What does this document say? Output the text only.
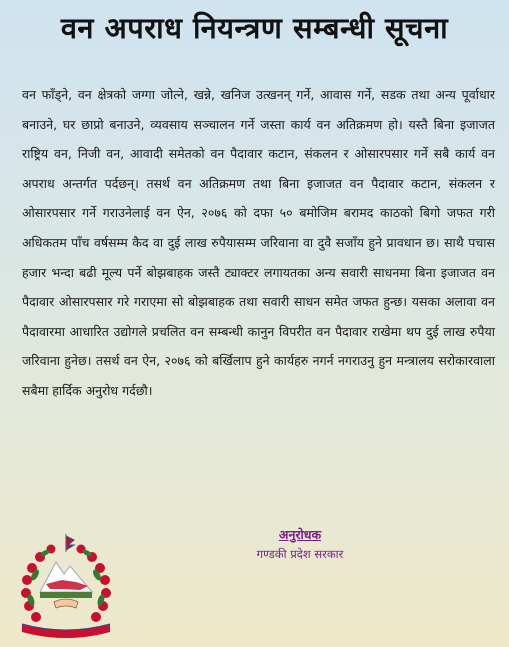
वन अपराध नियन्त्रण सम्बन्धी सूचना
वन फाँड्ने, वन क्षेत्रको जग्गा जोत्ने, खन्ने, खनिज उत्खनन् गर्ने, आवास गर्ने, सडक तथा अन्य पूर्वाधार बनाउने, घर छाप्रो बनाउने, व्यवसाय सञ्चालन गर्ने जस्ता कार्य वन अतिक्रमण हो। यस्तै बिना इजाजत राष्ट्रिय वन, निजी वन, आवादी समेतको वन पैदावार कटान, संकलन र ओसारपसार गर्ने सबै कार्य वन अपराध अन्तर्गत पर्दछन्। तसर्थ वन अतिक्रमण तथा बिना इजाजत वन पैदावार कटान, संकलन र ओसारपसार गर्ने गराउनेलाई वन ऐन, २०७६ को दफा ५० बमोजिम बरामद काठको बिगो जफत गरी अधिकतम पाँच वर्षसम्म कैद वा दुई लाख रुपैयासम्म जरिवाना वा दुवै सजाँय हुने प्रावधान छ। साथै पचास हजार भन्दा बढी मूल्य पर्ने बोझबाहक जस्तै ट्याक्टर लगायतका अन्य सवारी साधनमा बिना इजाजत वन पैदावार ओसारपसार गरे गराएमा सो बोझबाहक तथा सवारी साधन समेत जफत हुन्छ। यसका अलावा वन पैदावारमा आधारित उद्योगले प्रचलित वन सम्बन्धी कानुन विपरीत वन पैदावार राखेमा थप दुई लाख रुपैया जरिवाना हुनेछ। तसर्थ वन ऐन, २०७६ को बर्खिलाप हुने कार्यहरु नगर्न नगराउनु हुन मन्त्रालय सरोकारवाला सबैमा हार्दिक अनुरोध गर्दछौ।
अनुरोधक
गण्डकी प्रदेश सरकार
